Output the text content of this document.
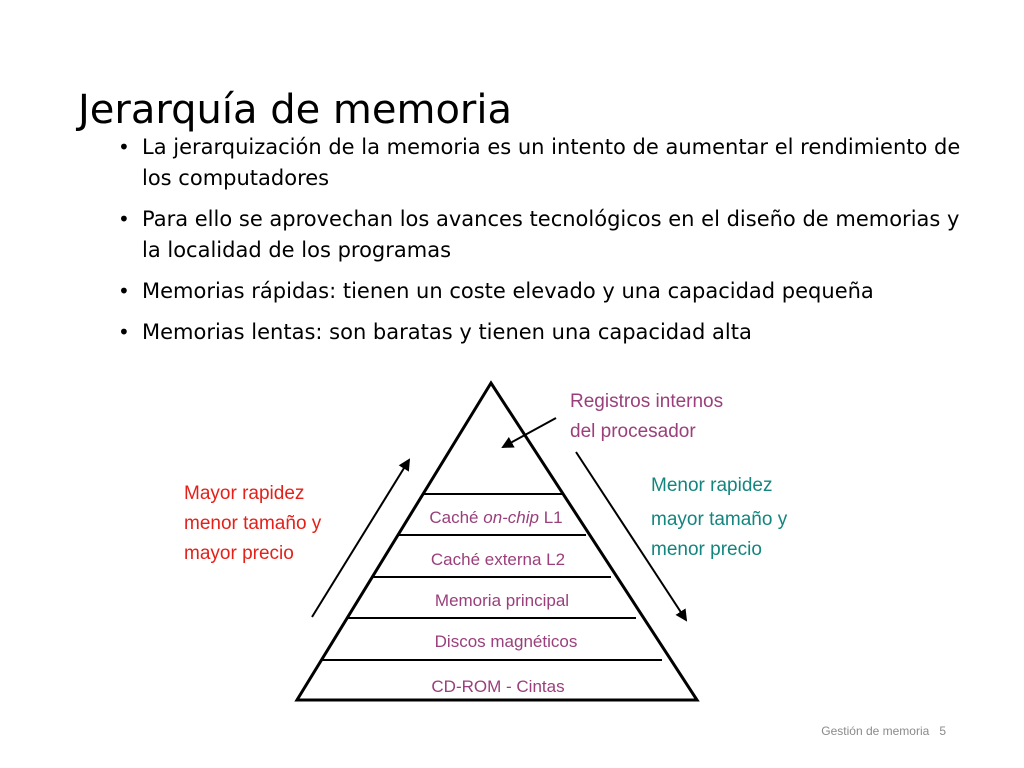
Jerarquía de memoria
• La jerarquización de la memoria es un intento de aumentar el rendimiento de los computadores
• Para ello se aprovechan los avances tecnológicos en el diseño de memorias y la localidad de los programas
• Memorias rápidas: tienen un coste elevado y una capacidad pequeña
• Memorias lentas: son baratas y tienen una capacidad alta
Caché on-chip L1
Caché externa L2
Memoria principal
Discos magnéticos
CD-ROM - Cintas
Registros internos
del procesador
Mayor rapidez
menor tamaño y
mayor precio
Menor rapidez
mayor tamaño y
menor precio
Gestión de memoria 5
